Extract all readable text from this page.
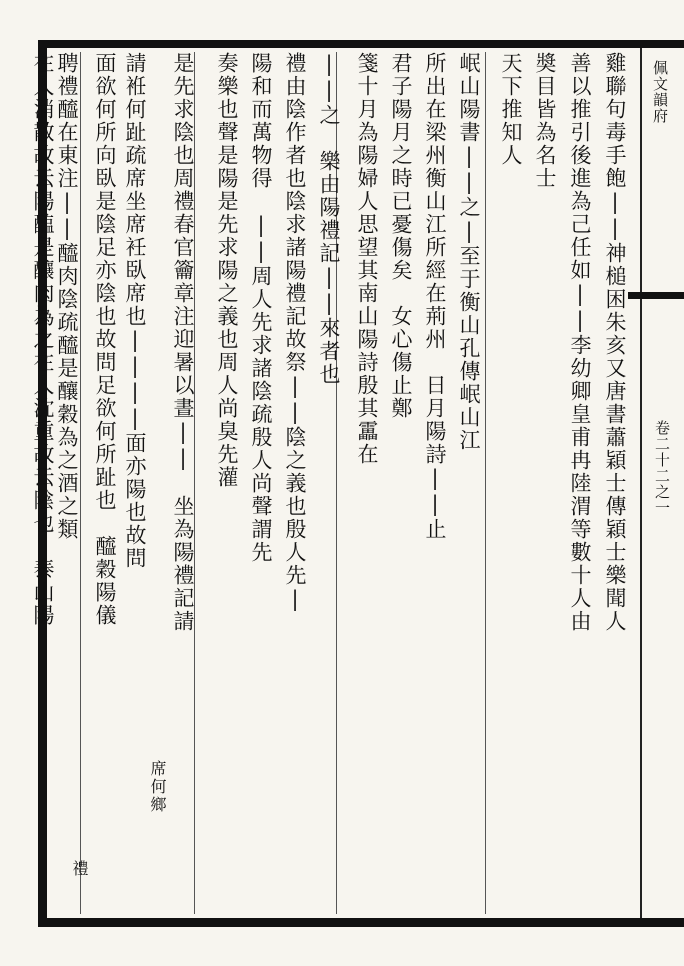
佩文韻府
卷二十二之一
雞聯句毒手飽||神槌困朱亥又唐書蕭穎士傳穎士樂聞人
善以推引後進為己任如||李幼卿皇甫冉陸渭等數十人由
奬目皆為名士
天下推知人
岷山陽書||之|至于衡山孔傳岷山江
所出在梁州衡山江所經在荊州　日月陽詩||止
君子陽月之時已憂傷矣　女心傷止鄭
箋十月為陽婦人思望其南山陽詩殷其靁在
||之　樂由陽禮記||來者也
禮由陰作者也陰求諸陽禮記故祭||陰之義也殷人先|
陽和而萬物得　||周人先求諸陰疏殷人尚聲謂先
奏樂也聲是陽是先求陽之義也周人尚臭先灌
是先求陰也周禮春官籥章注迎暑以晝||　坐為陽禮記請
席何鄉
請袵何趾疏席坐席衽臥席也||||面亦陽也故問
面欲何所向臥是陰足亦陰也故問足欲何所趾也　醯穀陽儀
禮
聘禮醯在東注||醯肉陰疏醯是釀穀為之酒之類
在人消散故云陽醢是釀肉為之在人沈重故云陰也　泰山陽
